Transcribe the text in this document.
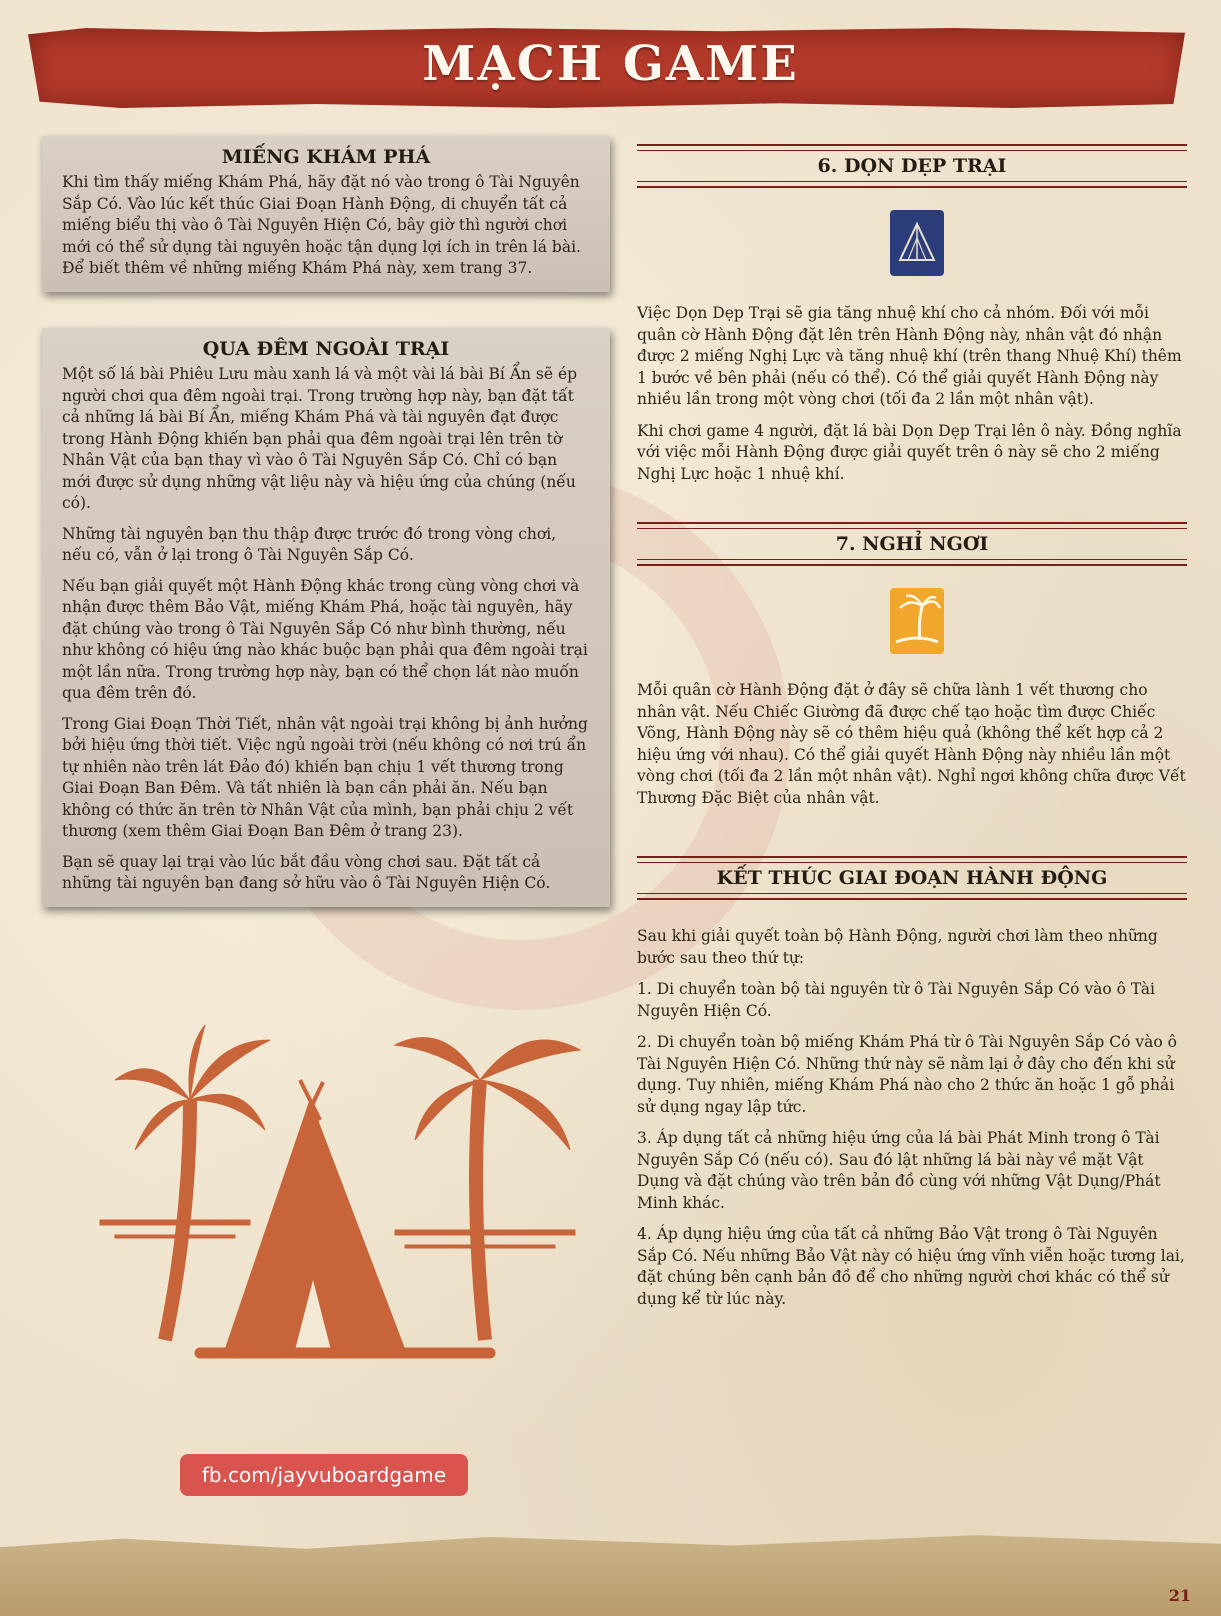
MẠCH GAME
MIẾNG KHÁM PHÁ

Khi tìm thấy miếng Khám Phá, hãy đặt nó vào trong ô Tài Nguyên Sắp Có. Vào lúc kết thúc Giai Đoạn Hành Động, di chuyển tất cả miếng biểu thị vào ô Tài Nguyên Hiện Có, bây giờ thì người chơi mới có thể sử dụng tài nguyên hoặc tận dụng lợi ích in trên lá bài. Để biết thêm về những miếng Khám Phá này, xem trang 37.

QUA ĐÊM NGOÀI TRẠI

Một số lá bài Phiêu Lưu màu xanh lá và một vài lá bài Bí Ẩn sẽ ép người chơi qua đêm ngoài trại. Trong trường hợp này, bạn đặt tất cả những lá bài Bí Ẩn, miếng Khám Phá và tài nguyên đạt được trong Hành Động khiến bạn phải qua đêm ngoài trại lên trên tờ Nhân Vật của bạn thay vì vào ô Tài Nguyên Sắp Có. Chỉ có bạn mới được sử dụng những vật liệu này và hiệu ứng của chúng (nếu có).

Những tài nguyên bạn thu thập được trước đó trong vòng chơi, nếu có, vẫn ở lại trong ô Tài Nguyên Sắp Có.

Nếu bạn giải quyết một Hành Động khác trong cùng vòng chơi và nhận được thêm Bảo Vật, miếng Khám Phá, hoặc tài nguyên, hãy đặt chúng vào trong ô Tài Nguyên Sắp Có như bình thường, nếu như không có hiệu ứng nào khác buộc bạn phải qua đêm ngoài trại một lần nữa. Trong trường hợp này, bạn có thể chọn lát nào muốn qua đêm trên đó.

Trong Giai Đoạn Thời Tiết, nhân vật ngoài trại không bị ảnh hưởng bởi hiệu ứng thời tiết. Việc ngủ ngoài trời (nếu không có nơi trú ẩn tự nhiên nào trên lát Đảo đó) khiến bạn chịu 1 vết thương trong Giai Đoạn Ban Đêm. Và tất nhiên là bạn cần phải ăn. Nếu bạn không có thức ăn trên tờ Nhân Vật của mình, bạn phải chịu 2 vết thương (xem thêm Giai Đoạn Ban Đêm ở trang 23).

Bạn sẽ quay lại trại vào lúc bắt đầu vòng chơi sau. Đặt tất cả những tài nguyên bạn đang sở hữu vào ô Tài Nguyên Hiện Có.

6. DỌN DẸP TRẠI

Việc Dọn Dẹp Trại sẽ gia tăng nhuệ khí cho cả nhóm. Đối với mỗi quân cờ Hành Động đặt lên trên Hành Động này, nhân vật đó nhận được 2 miếng Nghị Lực và tăng nhuệ khí (trên thang Nhuệ Khí) thêm 1 bước về bên phải (nếu có thể). Có thể giải quyết Hành Động này nhiều lần trong một vòng chơi (tối đa 2 lần một nhân vật).

Khi chơi game 4 người, đặt lá bài Dọn Dẹp Trại lên ô này. Đồng nghĩa với việc mỗi Hành Động được giải quyết trên ô này sẽ cho 2 miếng Nghị Lực hoặc 1 nhuệ khí.

7. NGHỈ NGƠI

Mỗi quân cờ Hành Động đặt ở đây sẽ chữa lành 1 vết thương cho nhân vật. Nếu Chiếc Giường đã được chế tạo hoặc tìm được Chiếc Võng, Hành Động này sẽ có thêm hiệu quả (không thể kết hợp cả 2 hiệu ứng với nhau). Có thể giải quyết Hành Động này nhiều lần một vòng chơi (tối đa 2 lần một nhân vật). Nghỉ ngơi không chữa được Vết Thương Đặc Biệt của nhân vật.

KẾT THÚC GIAI ĐOẠN HÀNH ĐỘNG

Sau khi giải quyết toàn bộ Hành Động, người chơi làm theo những bước sau theo thứ tự:

1. Di chuyển toàn bộ tài nguyên từ ô Tài Nguyên Sắp Có vào ô Tài Nguyên Hiện Có.

2. Di chuyển toàn bộ miếng Khám Phá từ ô Tài Nguyên Sắp Có vào ô Tài Nguyên Hiện Có. Những thứ này sẽ nằm lại ở đây cho đến khi sử dụng. Tuy nhiên, miếng Khám Phá nào cho 2 thức ăn hoặc 1 gỗ phải sử dụng ngay lập tức.

3. Áp dụng tất cả những hiệu ứng của lá bài Phát Minh trong ô Tài Nguyên Sắp Có (nếu có). Sau đó lật những lá bài này về mặt Vật Dụng và đặt chúng vào trên bản đồ cùng với những Vật Dụng/Phát Minh khác.

4. Áp dụng hiệu ứng của tất cả những Bảo Vật trong ô Tài Nguyên Sắp Có. Nếu những Bảo Vật này có hiệu ứng vĩnh viễn hoặc tương lai, đặt chúng bên cạnh bản đồ để cho những người chơi khác có thể sử dụng kể từ lúc này.

fb.com/jayvuboardgame
21
